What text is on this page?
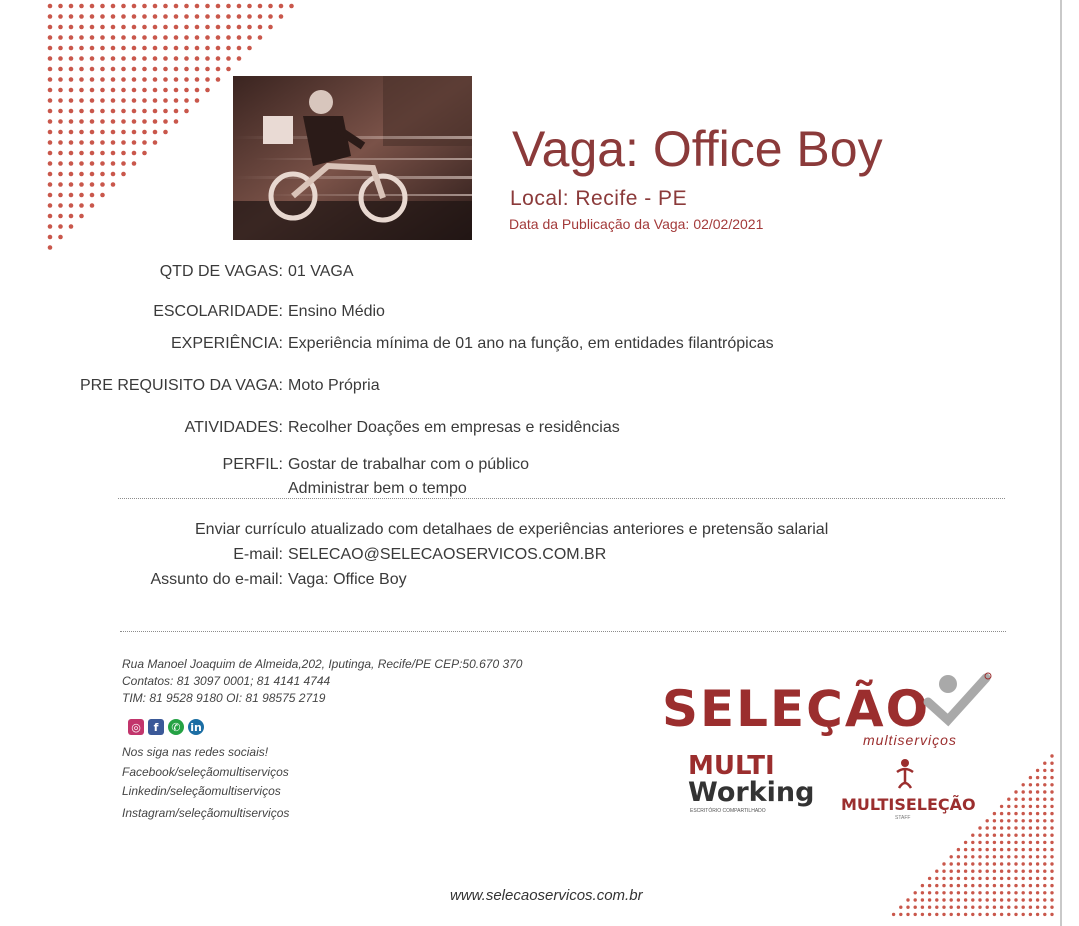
Vaga: Office Boy
Local: Recife - PE
Data da Publicação da Vaga: 02/02/2021
QTD DE VAGAS: 01 VAGA
ESCOLARIDADE: Ensino Médio
EXPERIÊNCIA: Experiência mínima de 01 ano na função, em entidades filantrópicas
PRE REQUISITO DA VAGA: Moto Própria
ATIVIDADES: Recolher Doações em empresas e residências
PERFIL: Gostar de trabalhar com o público
Administrar bem o tempo
Enviar currículo atualizado com detalhaes de experiências anteriores e pretensão salarial
E-mail: SELECAO@SELECAOSERVICOS.COM.BR
Assunto do e-mail: Vaga: Office Boy
Rua Manoel Joaquim de Almeida,202, Iputinga, Recife/PE CEP:50.670 370
Contatos: 81 3097 0001; 81 4141 4744
TIM: 81 9528 9180 OI: 81 98575 2719
◎	f	✆ in
Nos siga nas redes sociais!
Facebook/seleçãomultiserviços
Linkedin/seleçãomultiserviços
Instagram/seleçãomultiserviços
www.selecaoservicos.com.br
SELEÇÃO
multiserviços
MULTI
Working
ESCRITÓRIO COMPARTILHADO	MULTISELEÇÃO
STAFF
